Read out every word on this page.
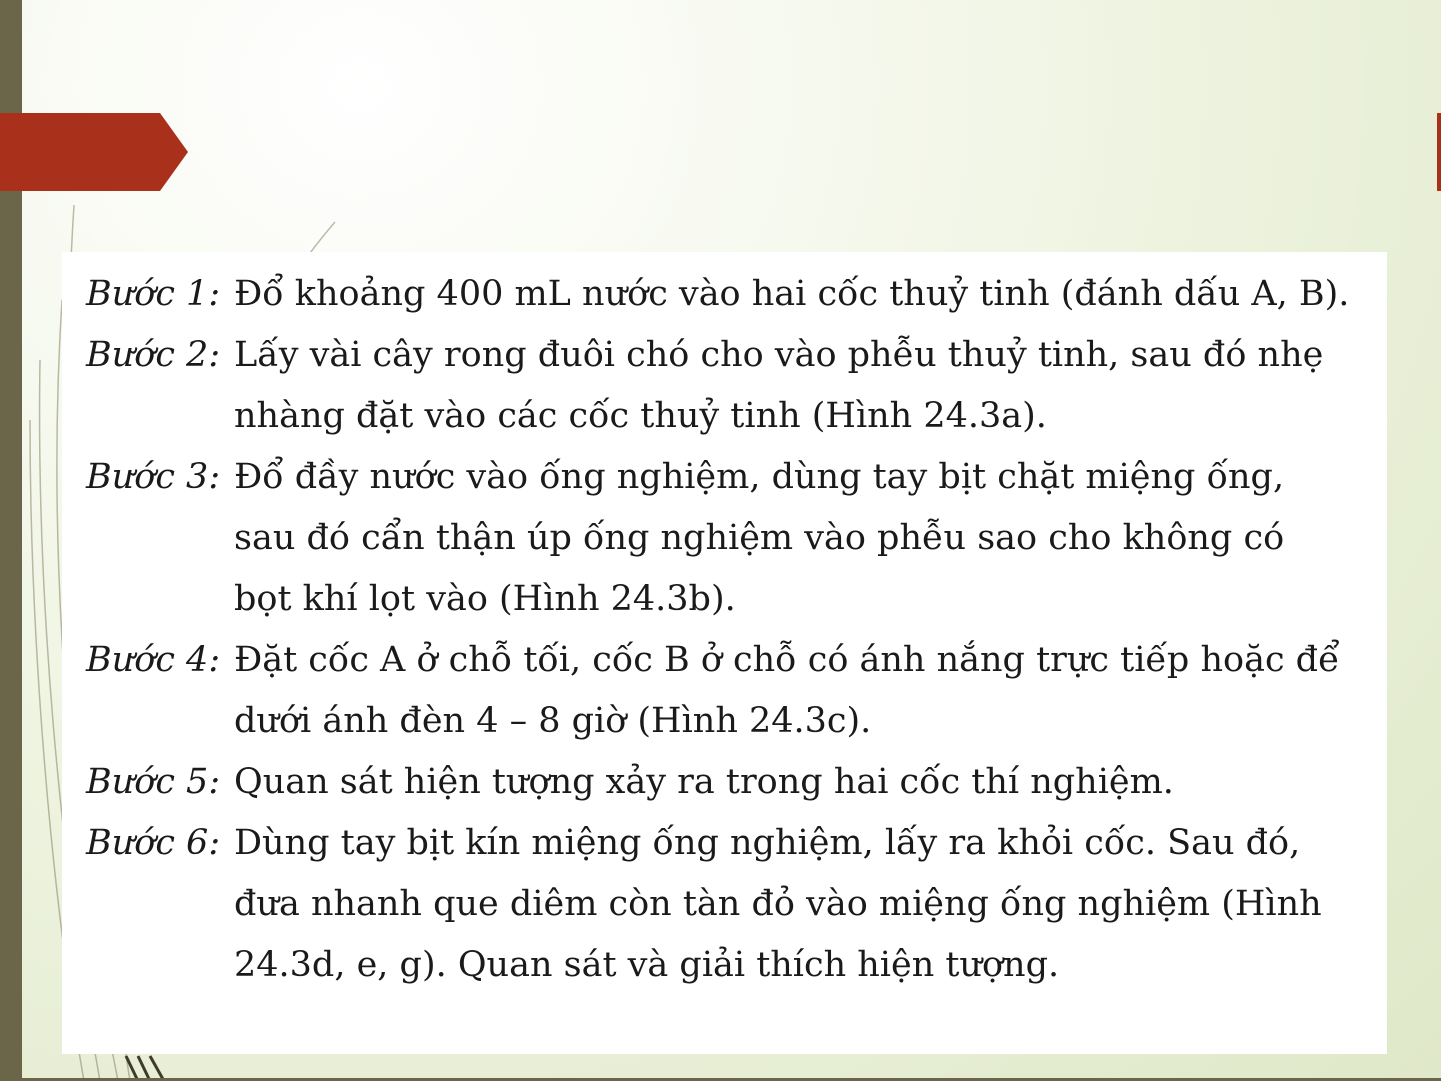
Bước 1: Đổ khoảng 400 mL nước vào hai cốc thuỷ tinh (đánh dấu A, B).
Bước 2: Lấy vài cây rong đuôi chó cho vào phễu thuỷ tinh, sau đó nhẹ nhàng đặt vào các cốc thuỷ tinh (Hình 24.3a).
Bước 3: Đổ đầy nước vào ống nghiệm, dùng tay bịt chặt miệng ống, sau đó cẩn thận úp ống nghiệm vào phễu sao cho không có bọt khí lọt vào (Hình 24.3b).
Bước 4: Đặt cốc A ở chỗ tối, cốc B ở chỗ có ánh nắng trực tiếp hoặc để dưới ánh đèn 4 – 8 giờ (Hình 24.3c).
Bước 5: Quan sát hiện tượng xảy ra trong hai cốc thí nghiệm.
Bước 6: Dùng tay bịt kín miệng ống nghiệm, lấy ra khỏi cốc. Sau đó, đưa nhanh que diêm còn tàn đỏ vào miệng ống nghiệm (Hình 24.3d, e, g). Quan sát và giải thích hiện tượng.
